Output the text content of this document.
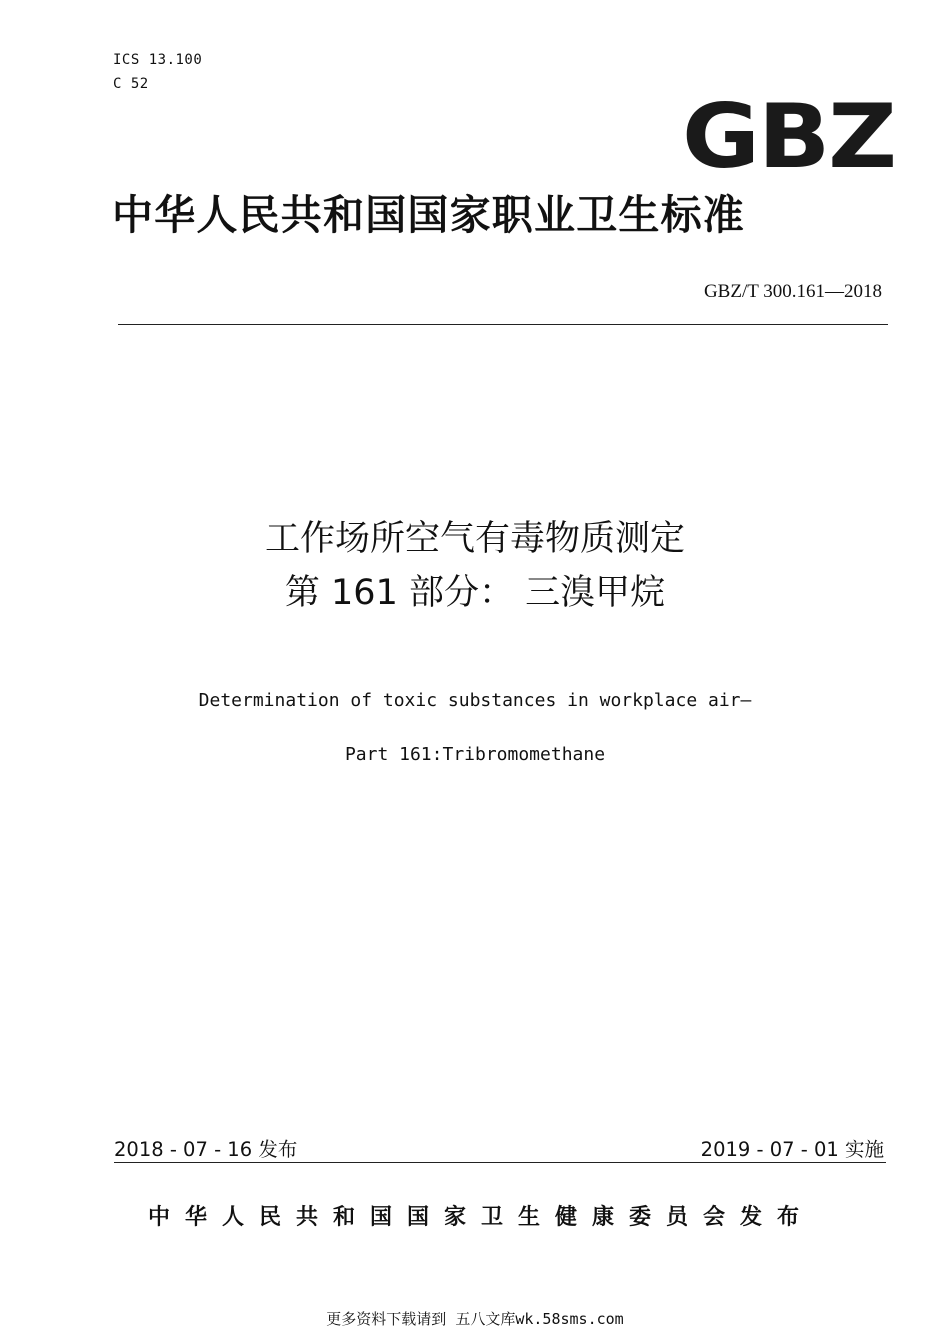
ICS 13.100
C 52
GBZ
中华人民共和国国家职业卫生标准
GBZ/T 300.161—2018
工作场所空气有毒物质测定
第 161 部分： 三溴甲烷
Determination of toxic substances in workplace air—
Part 161:Tribromomethane
2018 - 07 - 16 发布	2019 - 07 - 01 实施
中华人民共和国国家卫生健康委员会发布
更多资料下载请到 五八文库wk.58sms.com
